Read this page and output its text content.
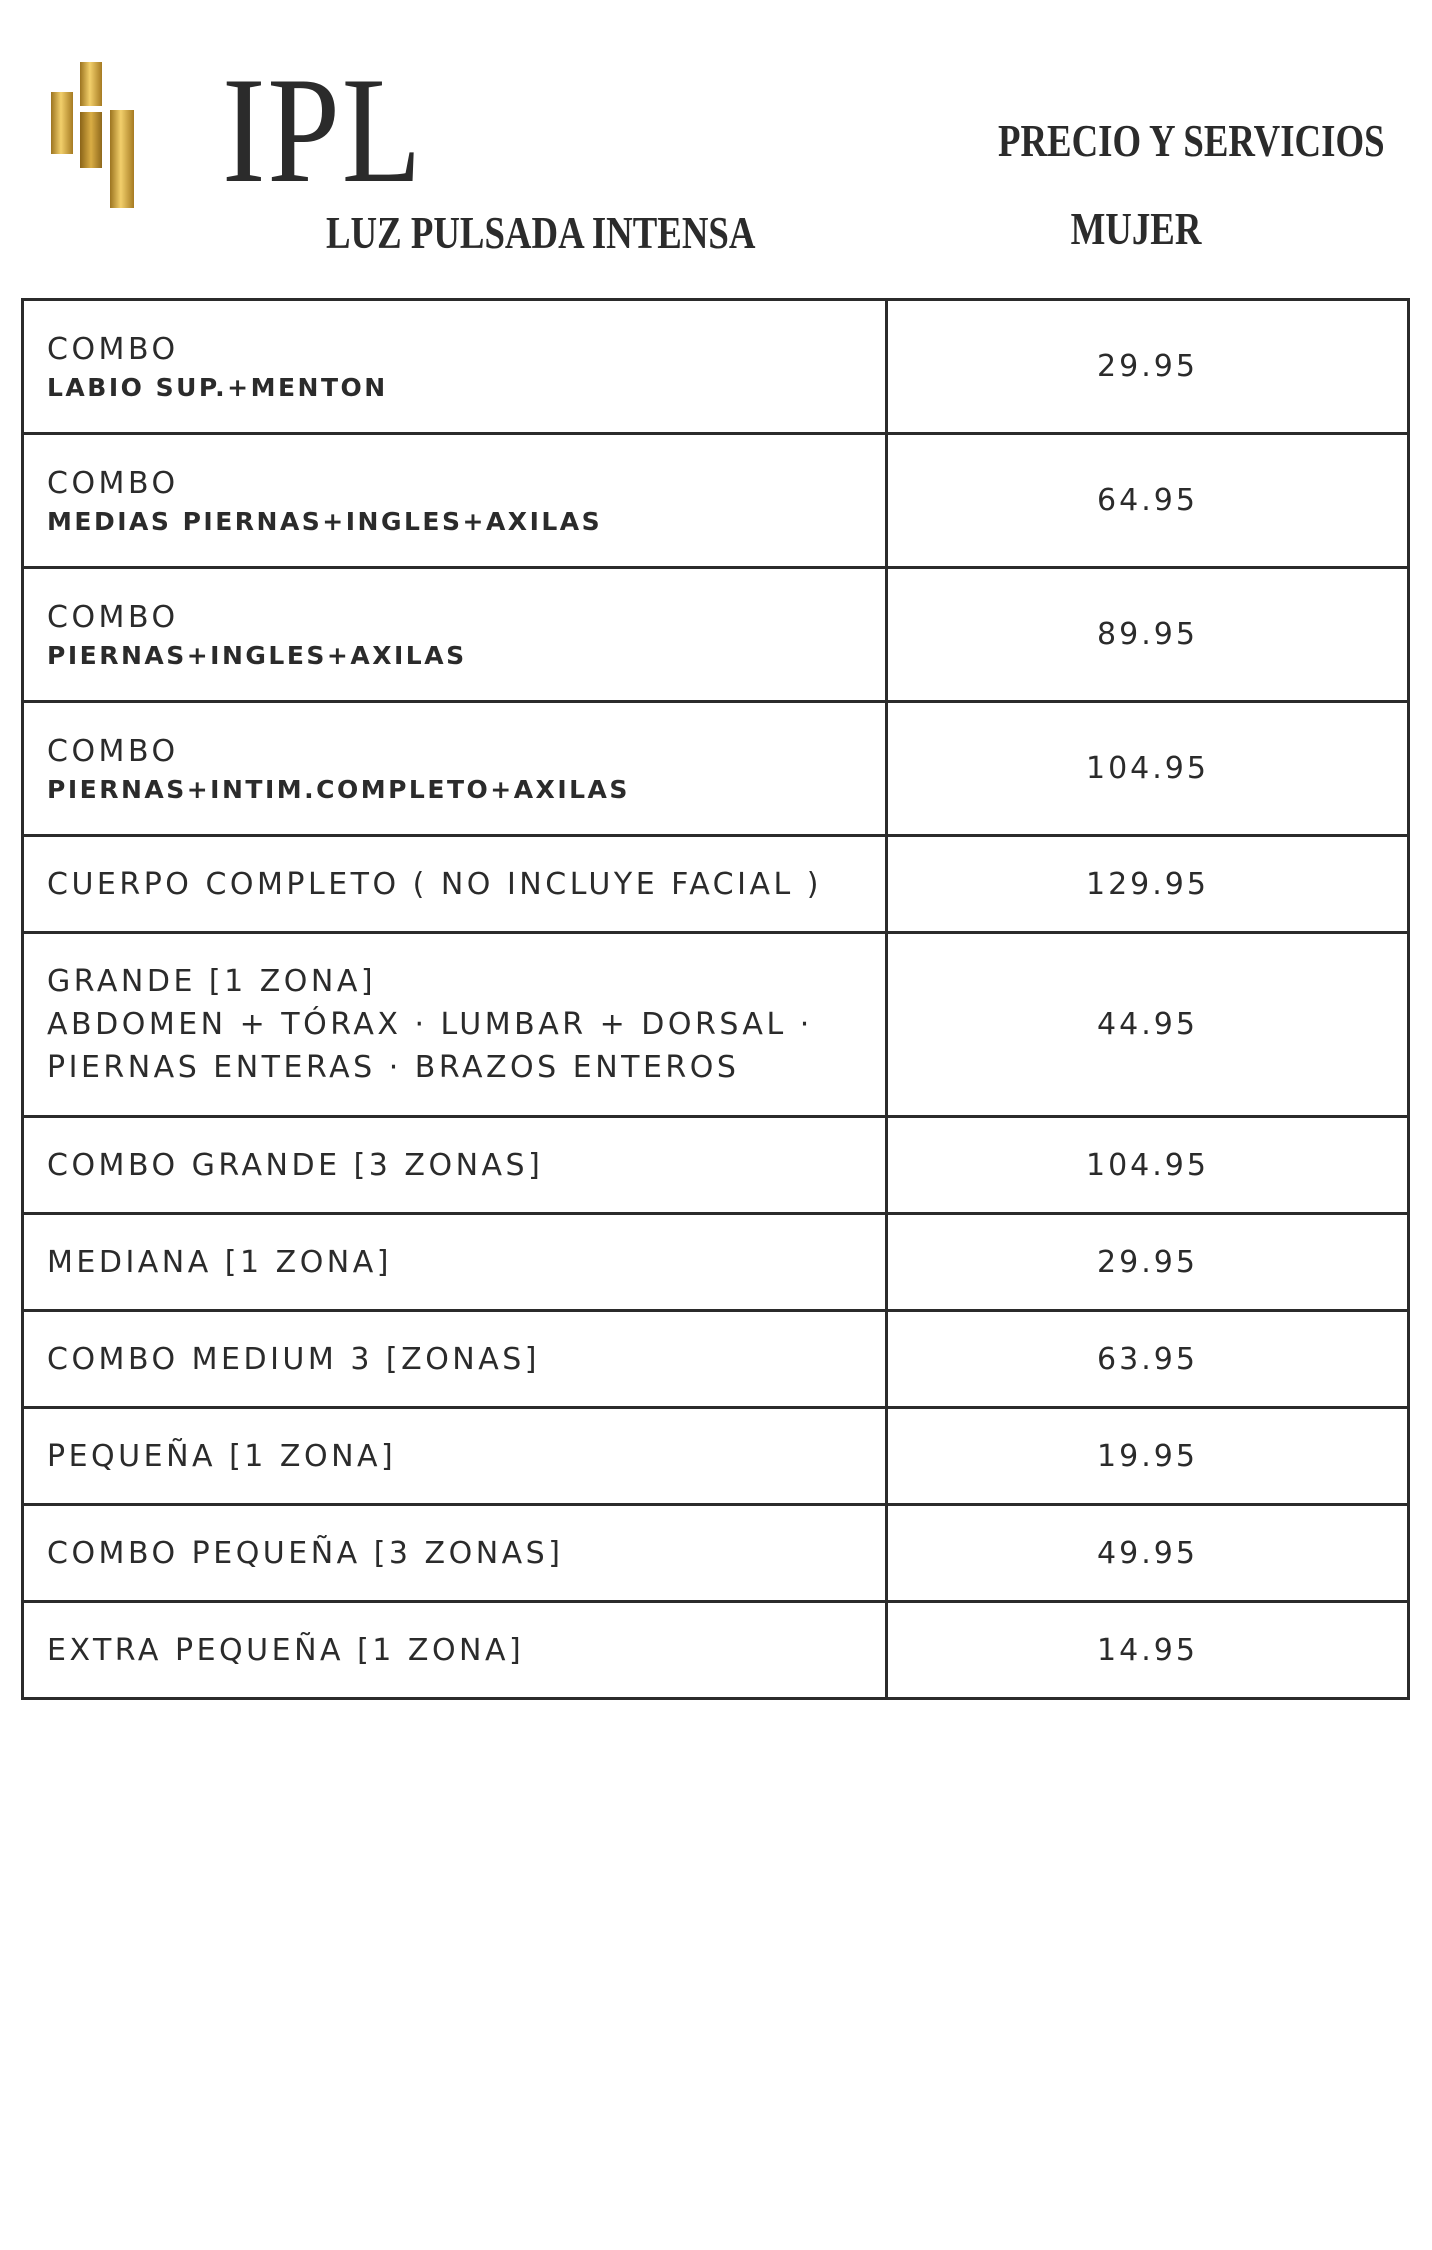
IPL
LUZ PULSADA INTENSA
PRECIO Y SERVICIOS
MUJER
COMBO
LABIO SUP.+MENTON	29.95

COMBO
MEDIAS PIERNAS+INGLES+AXILAS	64.95

COMBO
PIERNAS+INGLES+AXILAS	89.95

COMBO
PIERNAS+INTIM.COMPLETO+AXILAS	104.95

CUERPO COMPLETO ( NO INCLUYE FACIAL )	129.95

GRANDE [1 ZONA]
ABDOMEN + TÓRAX · LUMBAR + DORSAL ·
PIERNAS ENTERAS · BRAZOS ENTEROS	44.95

COMBO GRANDE [3 ZONAS]	104.95

MEDIANA [1 ZONA]	29.95

COMBO MEDIUM 3 [ZONAS]	63.95

PEQUEÑA [1 ZONA]	19.95

COMBO PEQUEÑA [3 ZONAS]	49.95

EXTRA PEQUEÑA [1 ZONA]	14.95
